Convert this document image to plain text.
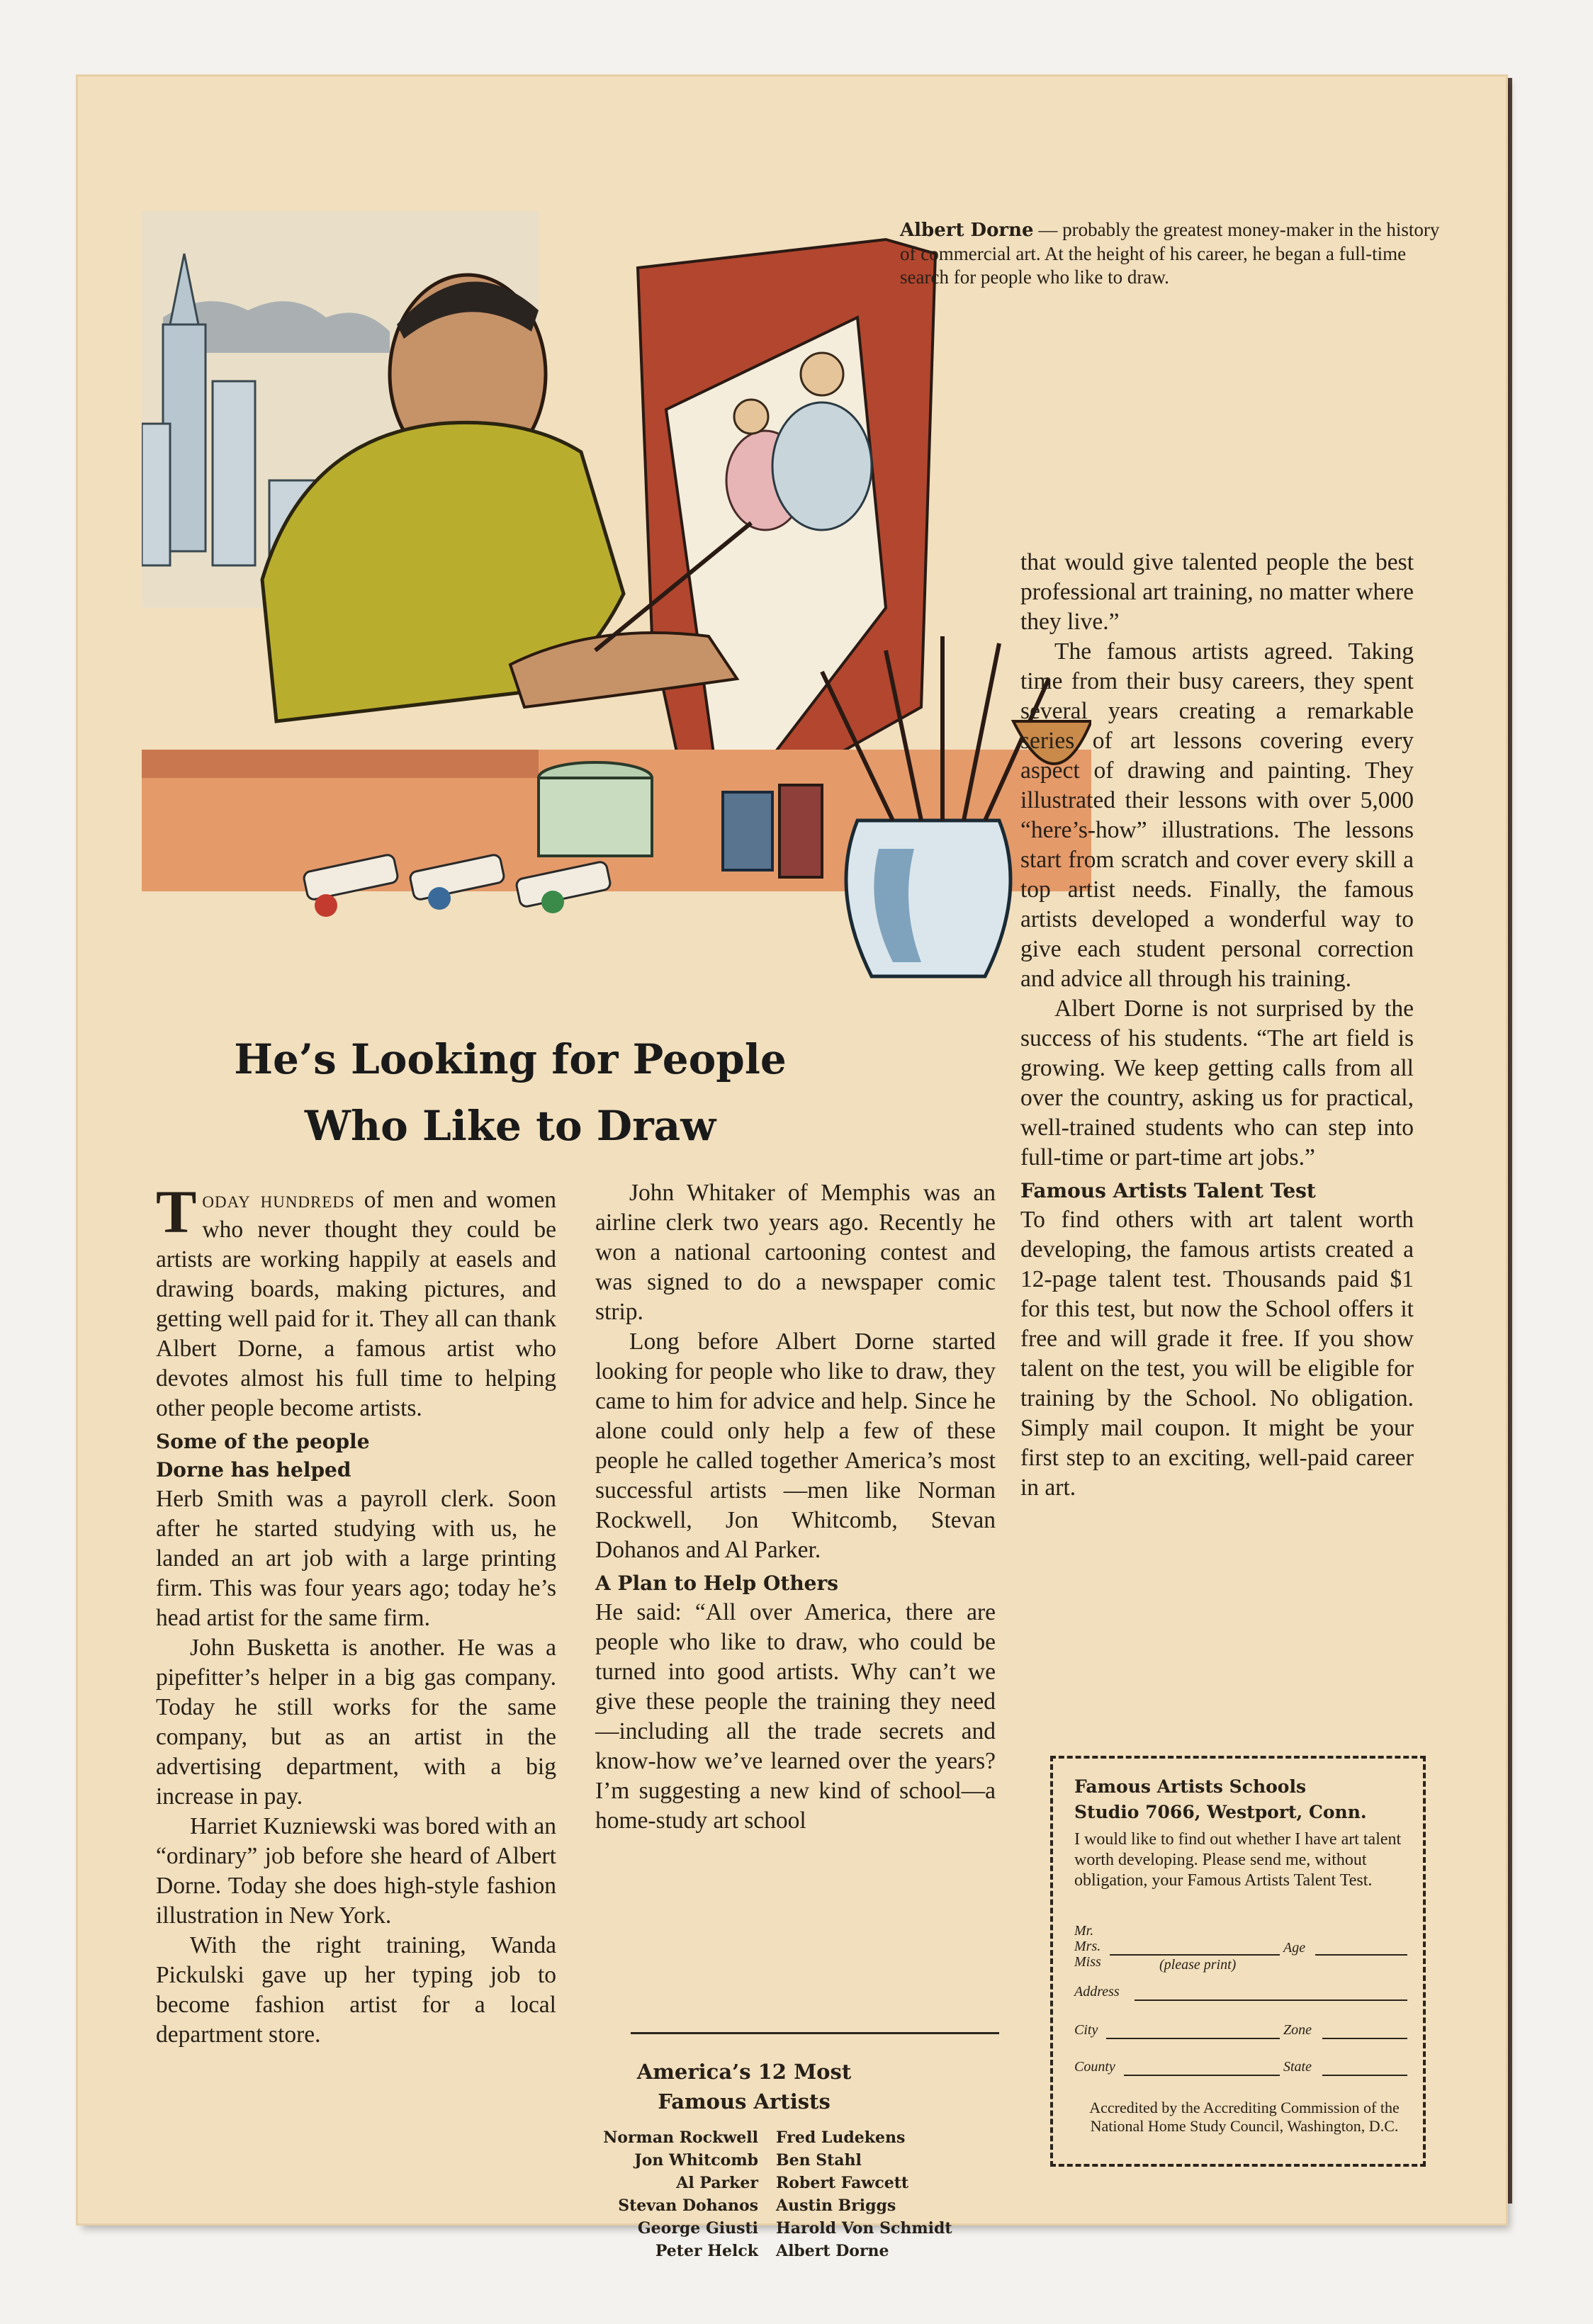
Albert Dorne — probably the greatest money-maker in the history of commercial art. At the height of his career, he began a full-time search for people who like to draw.
He’s Looking for People
Who Like to Draw

Today hundreds of men and women who never thought they could be artists are working happily at easels and drawing boards, making pictures, and getting well paid for it. They all can thank Albert Dorne, a famous artist who devotes almost his full time to helping other people become artists.

Some of the people
Dorne has helped

Herb Smith was a payroll clerk. Soon after he started studying with us, he landed an art job with a large printing firm. This was four years ago; today he’s head artist for the same firm.

John Busketta is another. He was a pipefitter’s helper in a big gas company. Today he still works for the same company, but as an artist in the advertising department, with a big increase in pay.

Harriet Kuzniewski was bored with an “ordinary” job before she heard of Albert Dorne. Today she does high-style fashion illustration in New York.

With the right training, Wanda Pickulski gave up her typing job to become fashion artist for a local department store.

John Whitaker of Memphis was an airline clerk two years ago. Recently he won a national cartooning contest and was signed to do a newspaper comic strip.

Long before Albert Dorne started looking for people who like to draw, they came to him for advice and help. Since he alone could only help a few of these people he called together America’s most successful artists —men like Norman Rockwell, Jon Whitcomb, Stevan Dohanos and Al Parker.

A Plan to Help Others

He said: “All over America, there are people who like to draw, who could be turned into good artists. Why can’t we give these people the training they need—including all the trade secrets and know-how we’ve learned over the years? I’m suggesting a new kind of school—a home-study art school

America’s 12 Most
Famous Artists
Norman Rockwell
Jon Whitcomb
Al Parker
Stevan Dohanos
George Giusti
Peter Helck
Fred Ludekens
Ben Stahl
Robert Fawcett
Austin Briggs
Harold Von Schmidt
Albert Dorne

that would give talented people the best professional art training, no matter where they live.”

The famous artists agreed. Taking time from their busy careers, they spent several years creating a remarkable series of art lessons covering every aspect of drawing and painting. They illustrated their lessons with over 5,000 “here’s-how” illustrations. The lessons start from scratch and cover every skill a top artist needs. Finally, the famous artists developed a wonderful way to give each student personal correction and advice all through his training.

Albert Dorne is not surprised by the success of his students. “The art field is growing. We keep getting calls from all over the country, asking us for practical, well-trained students who can step into full-time or part-time art jobs.”

Famous Artists Talent Test

To find others with art talent worth developing, the famous artists created a 12-page talent test. Thousands paid $1 for this test, but now the School offers it free and will grade it free. If you show talent on the test, you will be eligible for training by the School. No obligation. Simply mail coupon. It might be your first step to an exciting, well-paid career in art.

Famous Artists Schools
Studio 7066, Westport, Conn.
I would like to find out whether I have art talent worth developing. Please send me, without obligation, your Famous Artists Talent Test.
Mr.
Mrs.
Miss
Age
(please print)
Address
City	Zone
County	State
Accredited by the Accrediting Commission of the National Home Study Council, Washington, D.C.
